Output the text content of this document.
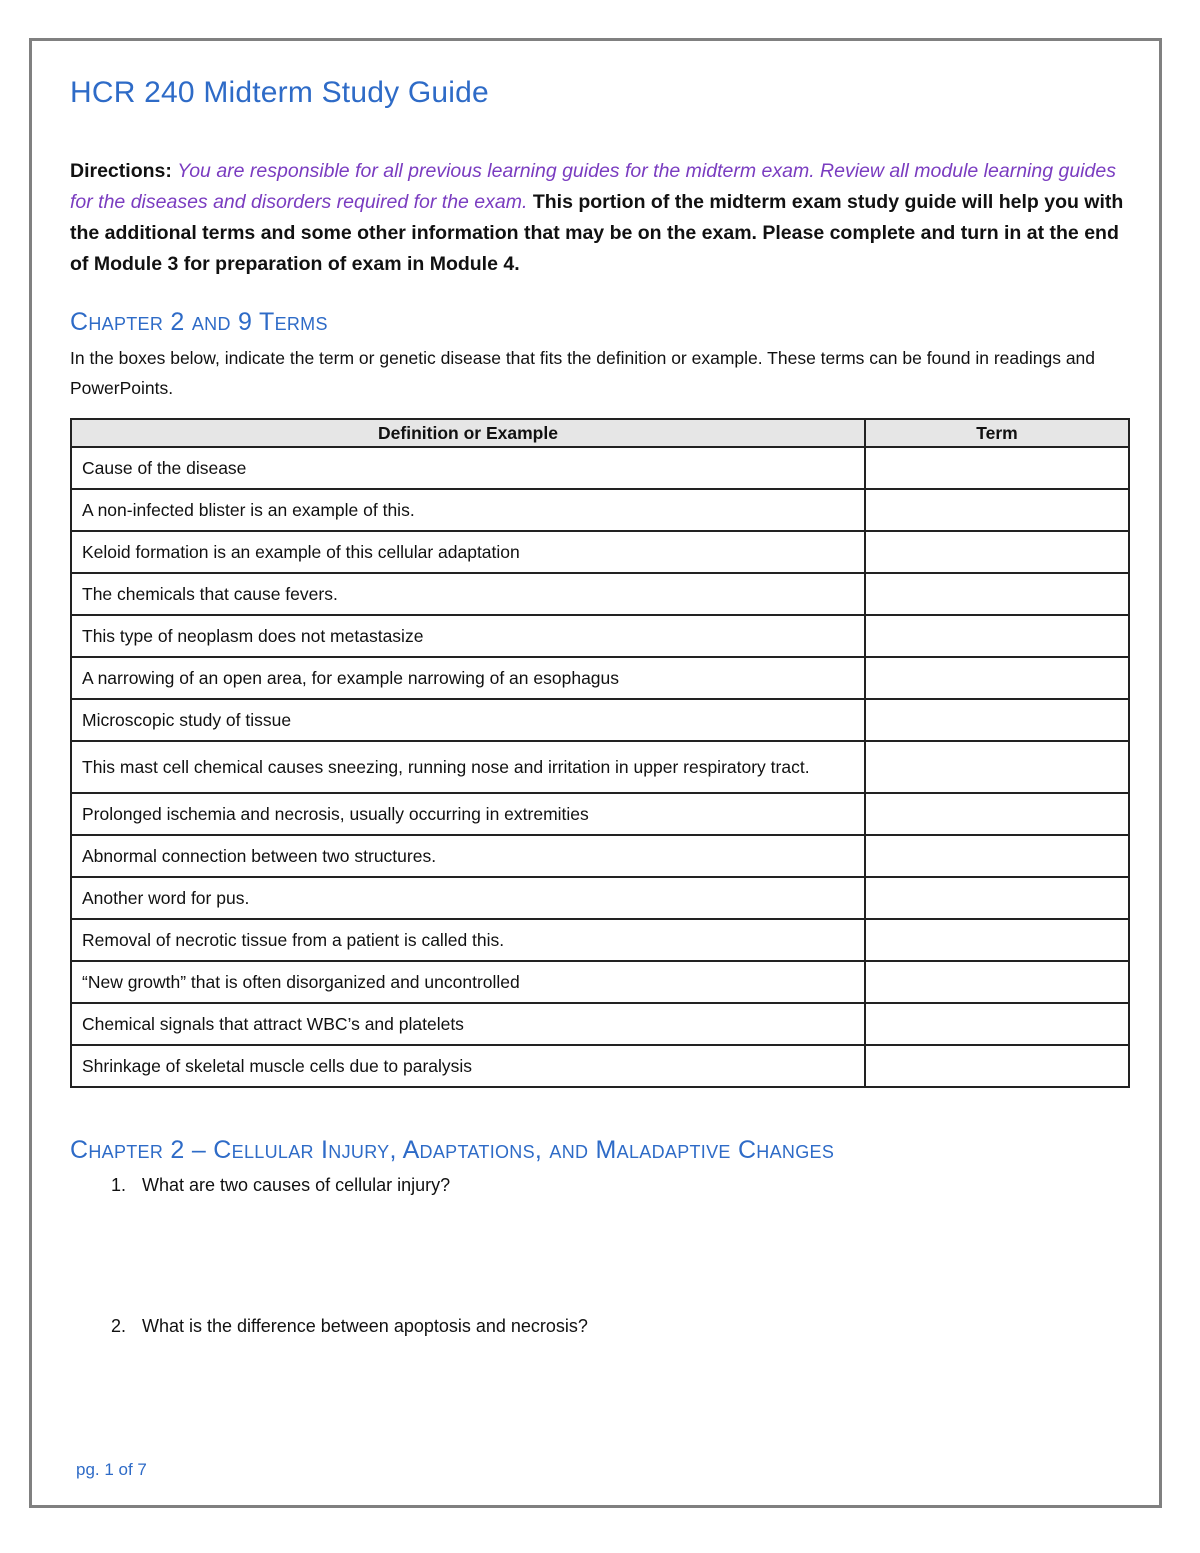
HCR 240 Midterm Study Guide
Directions: You are responsible for all previous learning guides for the midterm exam. Review all module learning guides for the diseases and disorders required for the exam. This portion of the midterm exam study guide will help you with the additional terms and some other information that may be on the exam. Please complete and turn in at the end of Module 3 for preparation of exam in Module 4.
Chapter 2 and 9 Terms
In the boxes below, indicate the term or genetic disease that fits the definition or example. These terms can be found in readings and PowerPoints.
Definition or Example	Term
Cause of the disease	
A non-infected blister is an example of this.	
Keloid formation is an example of this cellular adaptation	
The chemicals that cause fevers.	
This type of neoplasm does not metastasize	
A narrowing of an open area, for example narrowing of an esophagus	
Microscopic study of tissue	
This mast cell chemical causes sneezing, running nose and irritation in upper respiratory tract.	
Prolonged ischemia and necrosis, usually occurring in extremities	
Abnormal connection between two structures.	
Another word for pus.	
Removal of necrotic tissue from a patient is called this.	
“New growth” that is often disorganized and uncontrolled	
Chemical signals that attract WBC’s and platelets	
Shrinkage of skeletal muscle cells due to paralysis	
Chapter 2 – Cellular Injury, Adaptations, and Maladaptive Changes
1. What are two causes of cellular injury?
2. What is the difference between apoptosis and necrosis?
pg. 1 of 7
